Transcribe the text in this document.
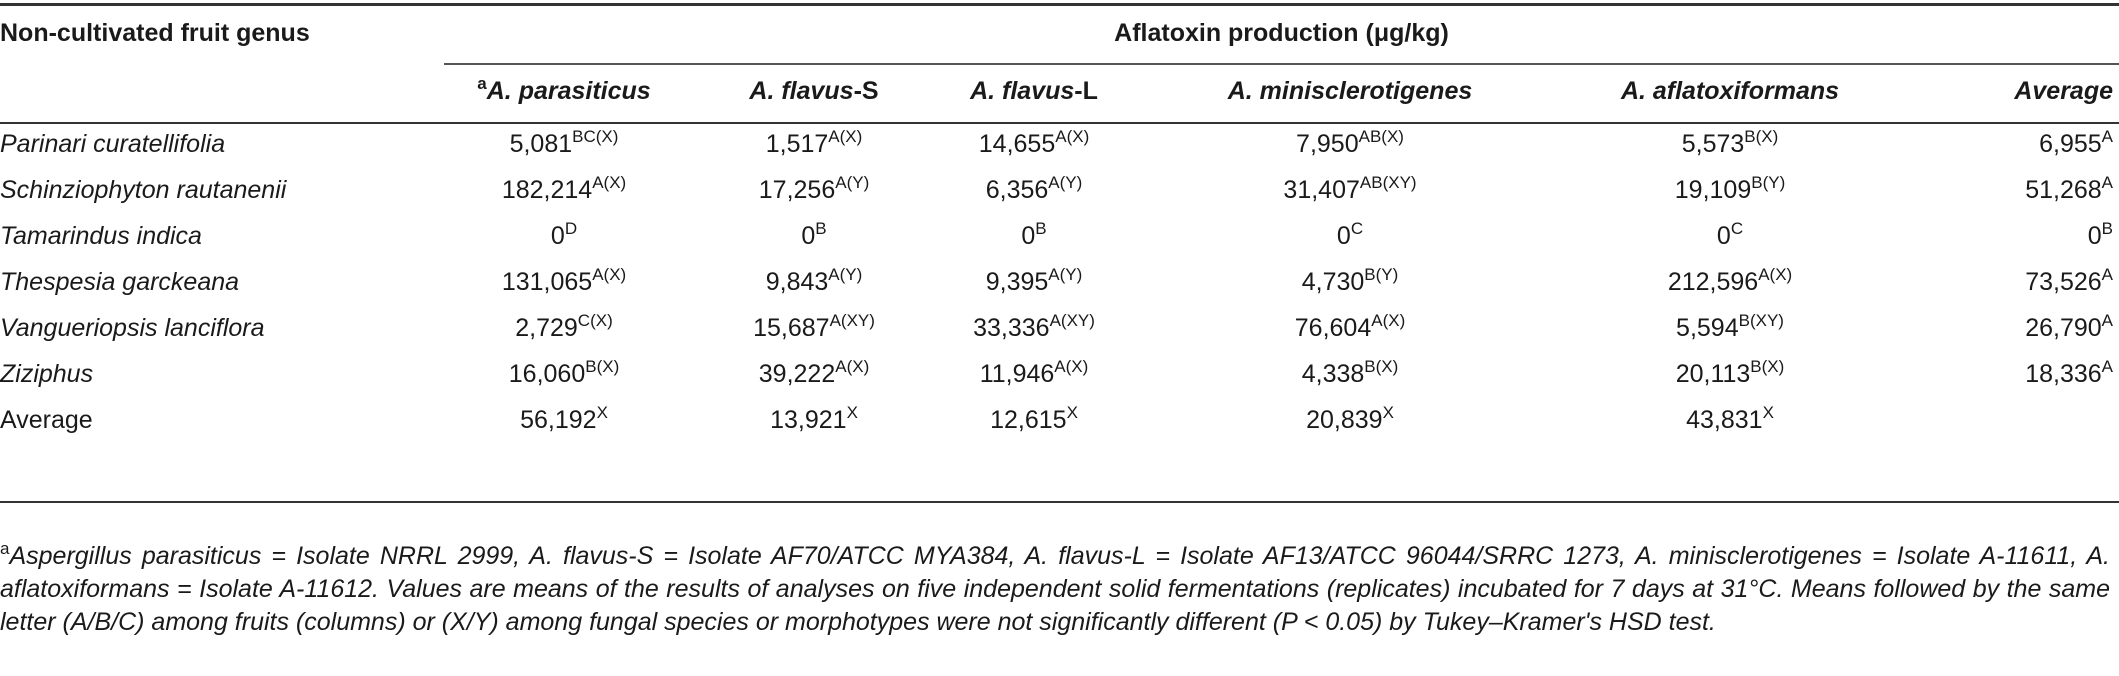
Non-cultivated fruit genus	Aflatoxin production (μg/kg)
$^a$A. parasiticus	A. flavus-S	A. flavus-L	A. minisclerotigenes	A. aflatoxiformans	Average
Parinari curatellifolia	$5,081^{BC(X)}$	$1,517^{A(X)}$	$14,655^{A(X)}$	$7,950^{AB(X)}$	$5,573^{B(X)}$	$6,955^A$
Schinziophyton rautanenii	$182,214^{A(X)}$	$17,256^{A(Y)}$	$6,356^{A(Y)}$	$31,407^{AB(XY)}$	$19,109^{B(Y)}$	$51,268^A$
Tamarindus indica	$0^D$	$0^B$	$0^B$	$0^C$	$0^C$	$0^B$
Thespesia garckeana	$131,065^{A(X)}$	$9,843^{A(Y)}$	$9,395^{A(Y)}$	$4,730^{B(Y)}$	$212,596^{A(X)}$	$73,526^A$
Vangueriopsis lanciflora	$2,729^{C(X)}$	$15,687^{A(XY)}$	$33,336^{A(XY)}$	$76,604^{A(X)}$	$5,594^{B(XY)}$	$26,790^A$
Ziziphus	$16,060^{B(X)}$	$39,222^{A(X)}$	$11,946^{A(X)}$	$4,338^{B(X)}$	$20,113^{B(X)}$	$18,336^A$
Average	$56,192^X$	$13,921^X$	$12,615^X$	$20,839^X$	$43,831^X$
$^a$Aspergillus parasiticus = Isolate NRRL 2999, A. flavus-S = Isolate AF70/ATCC MYA384, A. flavus-L = Isolate AF13/ATCC 96044/SRRC 1273, A. minisclerotigenes = Isolate A-11611, A. aflatoxiformans = Isolate A-11612. Values are means of the results of analyses on five independent solid fermentations (replicates) incubated for 7 days at 31°C. Means followed by the same letter (A/B/C) among fruits (columns) or (X/Y) among fungal species or morphotypes were not significantly different (P < 0.05) by Tukey–Kramer's HSD test.
